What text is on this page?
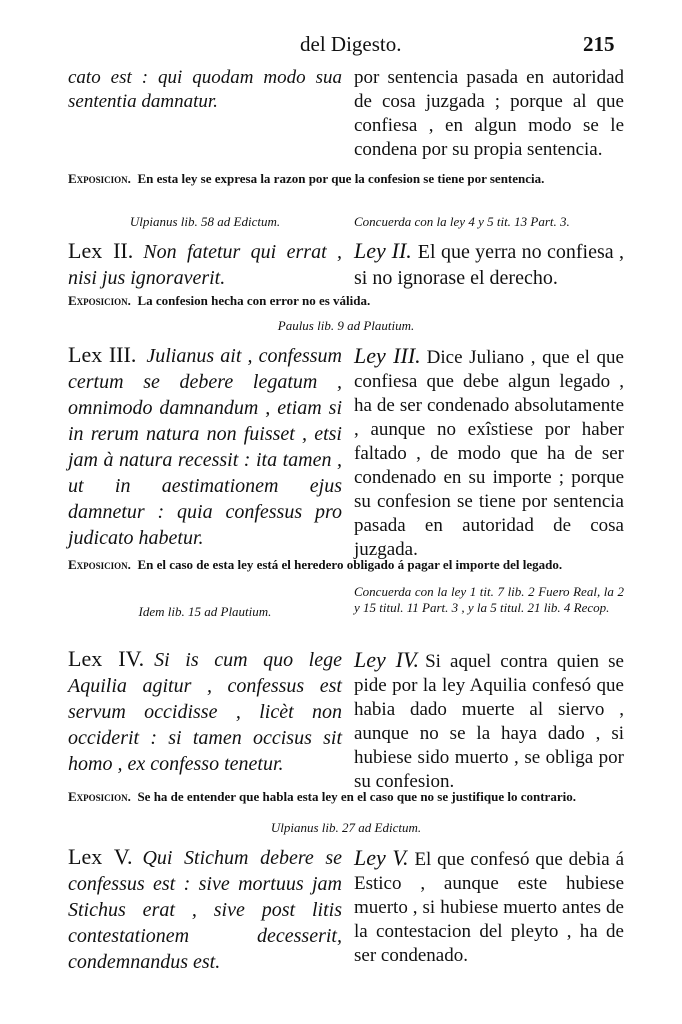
del Digesto.	215
cato est : qui quodam modo sua sententia damnatur.
por sentencia pasada en autoridad de cosa juzgada ; porque al que confiesa , en algun modo se le condena por su propia sentencia.
Exposicion. En esta ley se expresa la razon por que la confesion se tiene por sentencia.
Ulpianus lib. 58 ad Edictum.	Concuerda con la ley 4 y 5 tit. 13 Part. 3.
Lex II. Non fatetur qui errat , nisi jus ignoraverit.
Ley II. El que yerra no confiesa , si no ignorase el derecho.
Exposicion. La confesion hecha con error no es válida.
Paulus lib. 9 ad Plautium.
Lex III. Julianus ait , confessum certum se debere legatum , omnimodo damnandum , etiam si in rerum natura non fuisset , etsi jam à natura recessit : ita tamen , ut in aestimationem ejus damnetur : quia confessus pro judicato habetur.
Ley III. Dice Juliano , que el que confiesa que debe algun legado , ha de ser condenado absolutamente , aunque no exîstiese por haber faltado , de modo que ha de ser condenado en su importe ; porque su confesion se tiene por sentencia pasada en autoridad de cosa juzgada.
Exposicion. En el caso de esta ley está el heredero obligado á pagar el importe del legado.
Idem lib. 15 ad Plautium.
Concuerda con la ley 1 tit. 7 lib. 2 Fuero Real, la 2 y 15 titul. 11 Part. 3 , y la 5 titul. 21 lib. 4 Recop.
Lex IV. Si is cum quo lege Aquilia agitur , confessus est servum occidisse , licèt non occiderit : si tamen occisus sit homo , ex confesso tenetur.
Ley IV. Si aquel contra quien se pide por la ley Aquilia confesó que habia dado muerte al siervo , aunque no se la haya dado , si hubiese sido muerto , se obliga por su confesion.
Exposicion. Se ha de entender que habla esta ley en el caso que no se justifique lo contrario.
Ulpianus lib. 27 ad Edictum.
Lex V. Qui Stichum debere se confessus est : sive mortuus jam Stichus erat , sive post litis contestationem decesserit, condemnandus est.
Ley V. El que confesó que debia á Estico , aunque este hubiese muerto , si hubiese muerto antes de la contestacion del pleyto , ha de ser condenado.
